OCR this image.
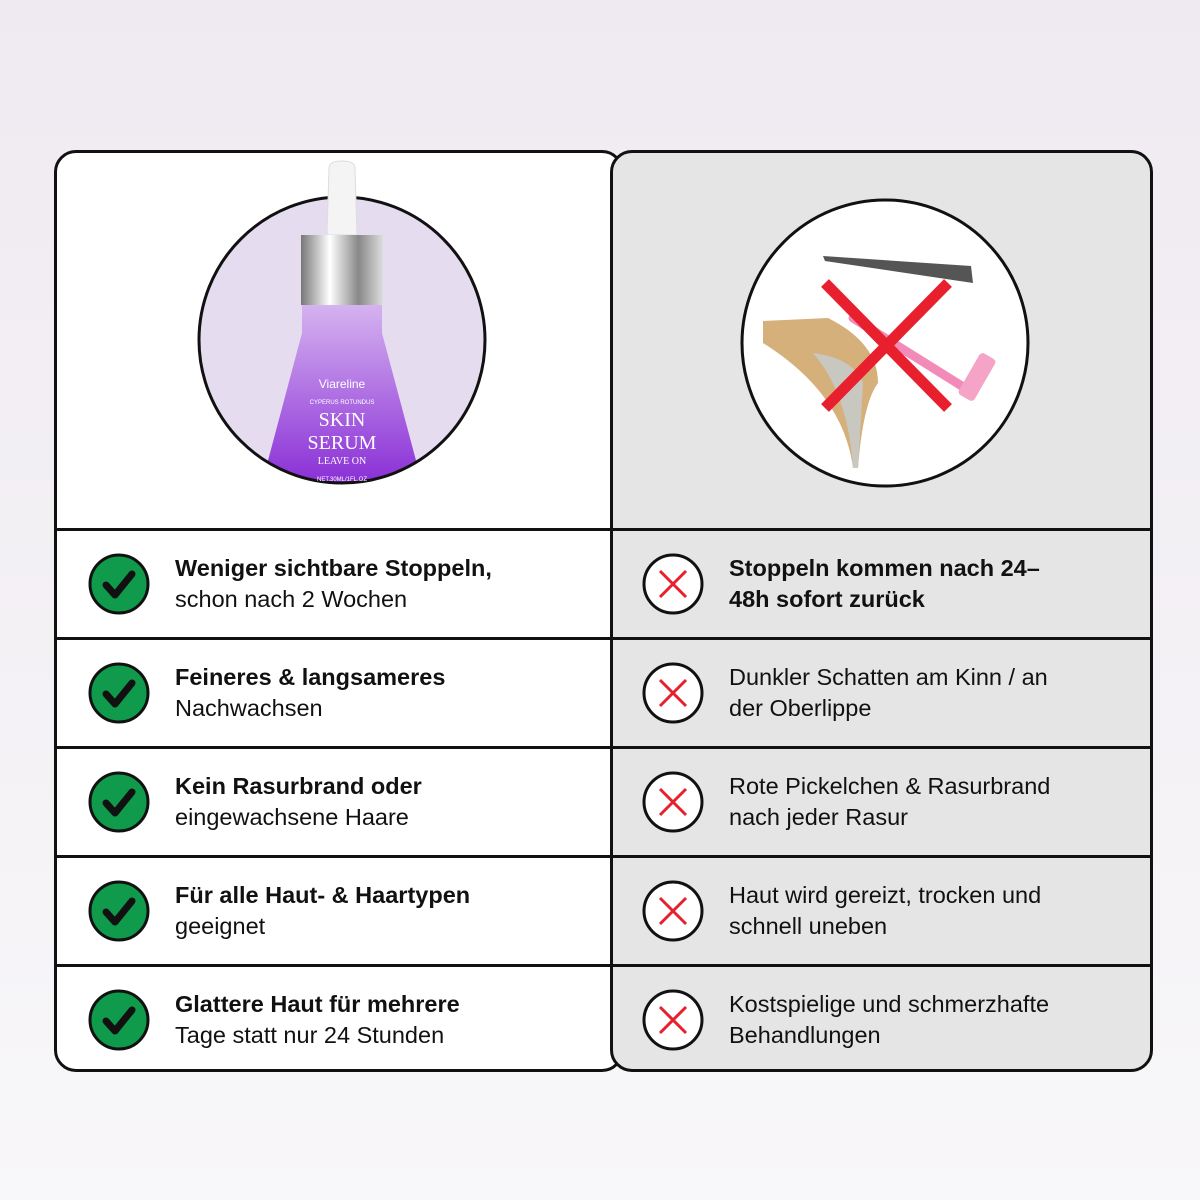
Viareline
CYPERUS ROTUNDUS
SKIN
SERUM
LEAVE ON
NET.30ML/1FL.OZ
Weniger sichtbare Stoppeln,
schon nach 2 Wochen
Feineres & langsameres
Nachwachsen
Kein Rasurbrand oder
eingewachsene Haare
Für alle Haut- & Haartypen
geeignet
Glattere Haut für mehrere
Tage statt nur 24 Stunden
Stoppeln kommen nach 24–
48h sofort zurück
Dunkler Schatten am Kinn / an
der Oberlippe
Rote Pickelchen & Rasurbrand
nach jeder Rasur
Haut wird gereizt, trocken und
schnell uneben
Kostspielige und schmerzhafte
Behandlungen
